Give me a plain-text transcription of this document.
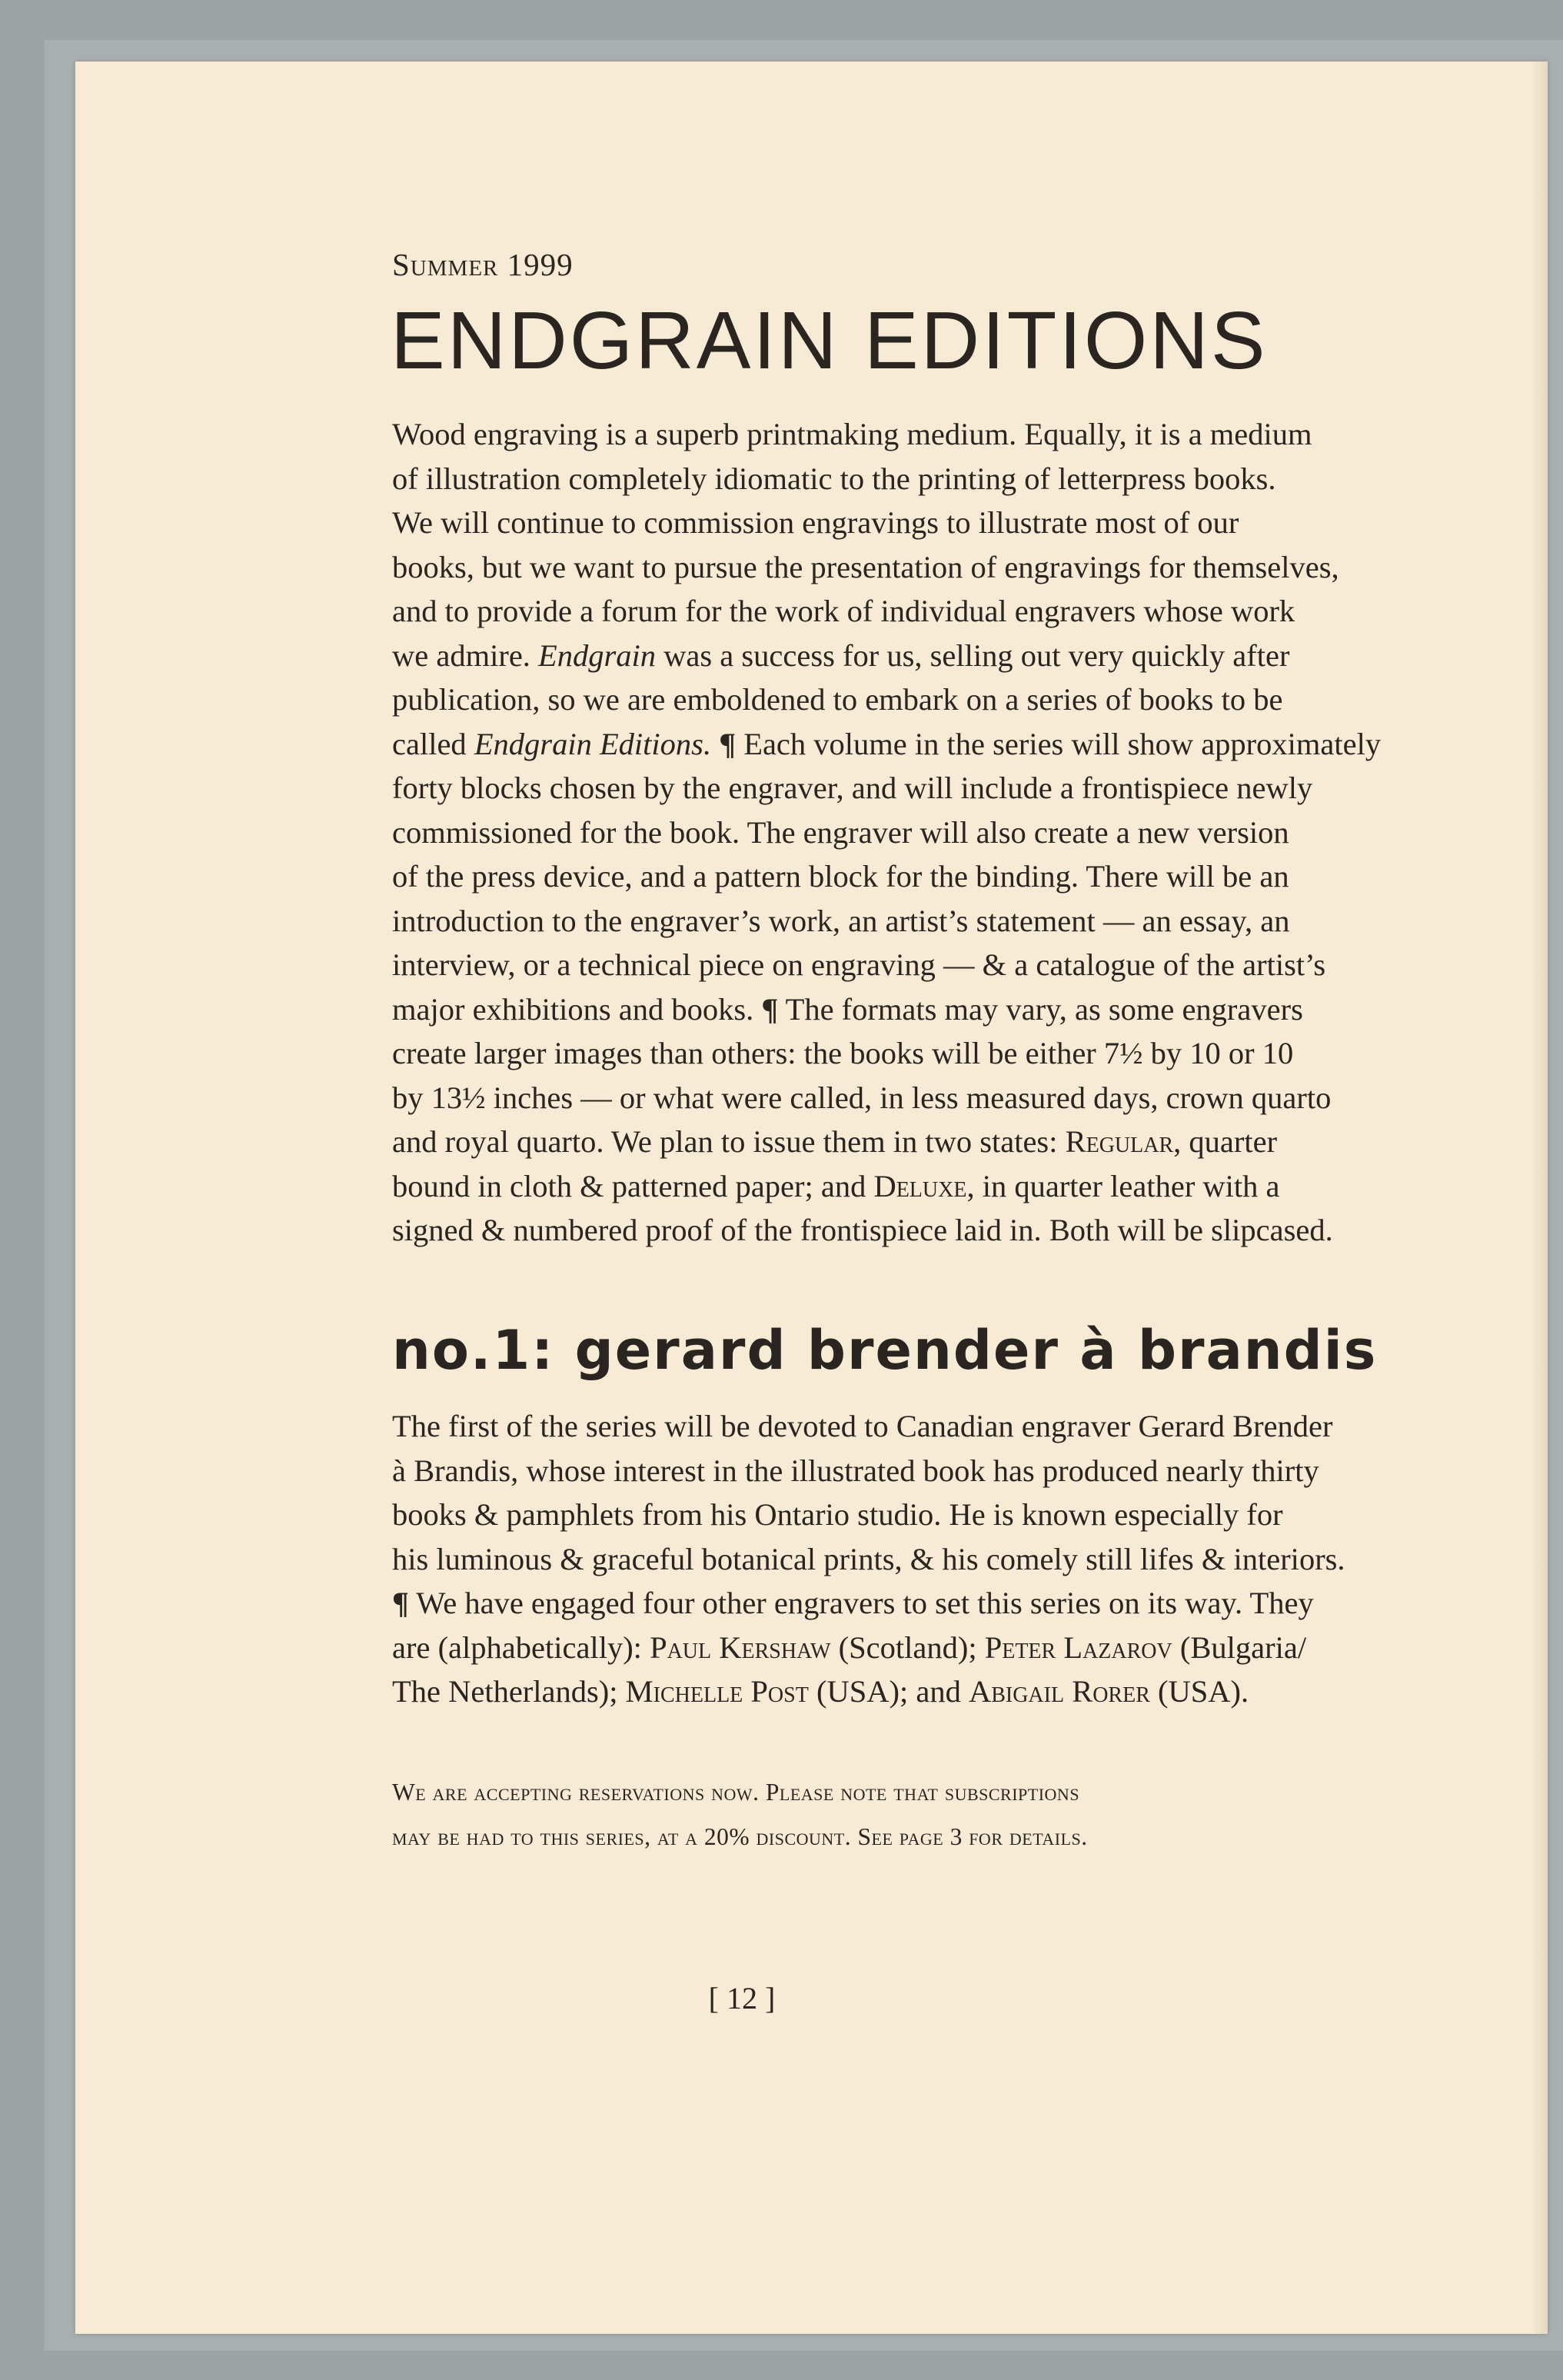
Summer 1999
ENDGRAIN EDITIONS

Wood engraving is a superb printmaking medium. Equally, it is a medium
of illustration completely idiomatic to the printing of letterpress books.
We will continue to commission engravings to illustrate most of our
books, but we want to pursue the presentation of engravings for themselves,
and to provide a forum for the work of individual engravers whose work
we admire. Endgrain was a success for us, selling out very quickly after
publication, so we are emboldened to embark on a series of books to be
called Endgrain Editions. ¶ Each volume in the series will show approximately
forty blocks chosen by the engraver, and will include a frontispiece newly
commissioned for the book. The engraver will also create a new version
of the press device, and a pattern block for the binding. There will be an
introduction to the engraver’s work, an artist’s statement — an essay, an
interview, or a technical piece on engraving — & a catalogue of the artist’s
major exhibitions and books. ¶ The formats may vary, as some engravers
create larger images than others: the books will be either 7½ by 10 or 10
by 13½ inches — or what were called, in less measured days, crown quarto
and royal quarto. We plan to issue them in two states: Regular, quarter
bound in cloth & patterned paper; and Deluxe, in quarter leather with a
signed & numbered proof of the frontispiece laid in. Both will be slipcased.

no.1: gerard brender à brandis

The first of the series will be devoted to Canadian engraver Gerard Brender
à Brandis, whose interest in the illustrated book has produced nearly thirty
books & pamphlets from his Ontario studio. He is known especially for
his luminous & graceful botanical prints, & his comely still lifes & interiors.
¶ We have engaged four other engravers to set this series on its way. They
are (alphabetically): Paul Kershaw (Scotland); Peter Lazarov (Bulgaria/
The Netherlands); Michelle Post (USA); and Abigail Rorer (USA).

We are accepting reservations now. Please note that subscriptions
may be had to this series, at a 20% discount. See page 3 for details.

[ 12 ]
